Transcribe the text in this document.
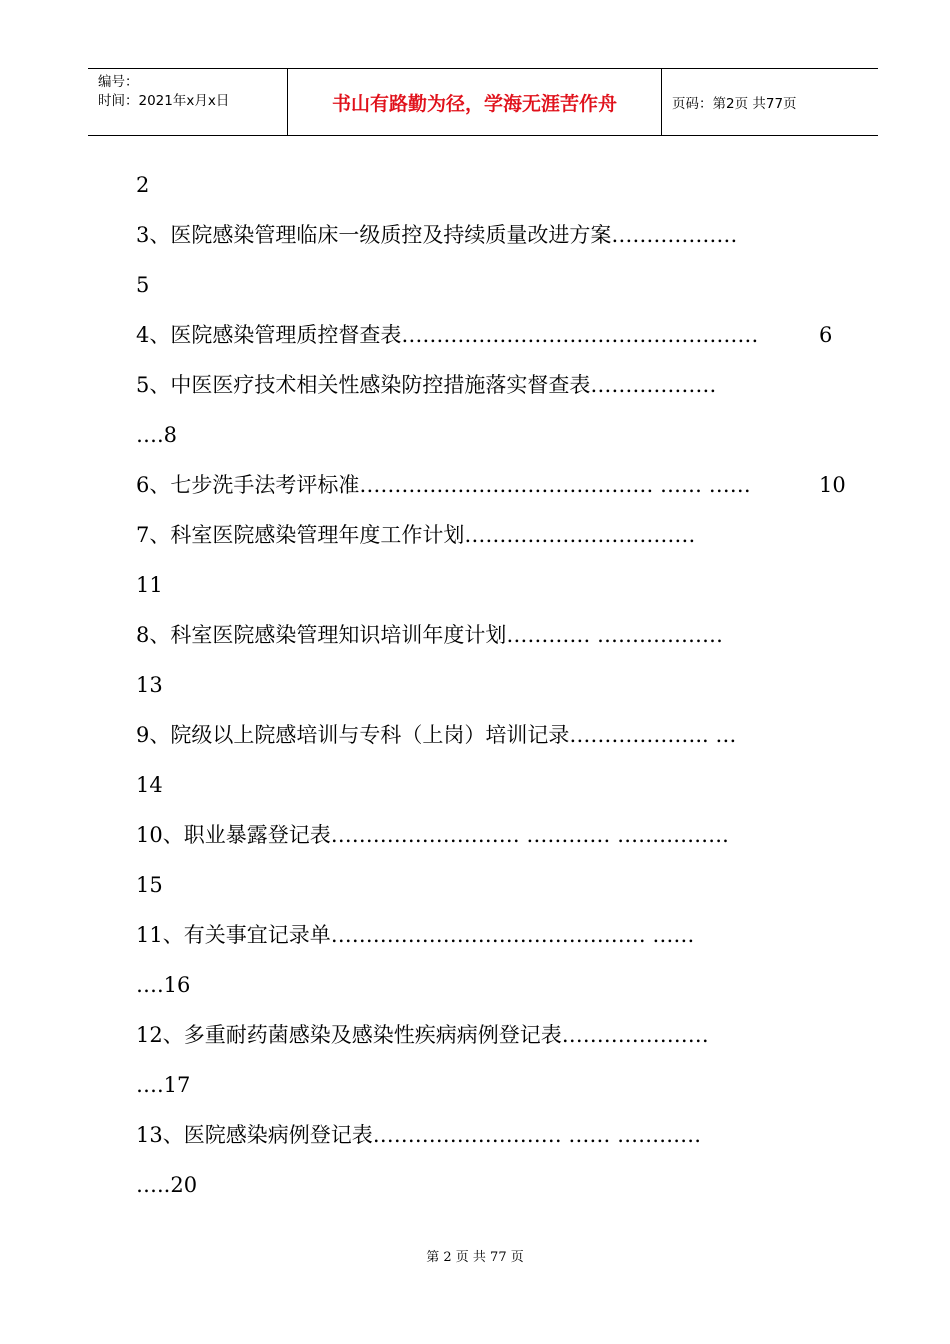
编号：
时间：2021年x月x日	书山有路勤为径，学海无涯苦作舟	页码：第2页 共77页
2
3、医院感染管理临床一级质控及持续质量改进方案………………
5
4、医院感染管理质控督查表……………………………………………	6
5、中医医疗技术相关性感染防控措施落实督查表………………
….8
6、七步洗手法考评标准…………………………………… …… ……	10
7、科室医院感染管理年度工作计划……………………………
11
8、科室医院感染管理知识培训年度计划………… ………………
13
9、院级以上院感培训与专科（上岗）培训记录……………….. …
14
10、职业暴露登记表……………………… ………… …………….
15
11、有关事宜记录单……………………………………… ……
….16
12、多重耐药菌感染及感染性疾病病例登记表…………………
….17
13、医院感染病例登记表……………………… …… …………
…..20
第 2 页 共 77 页
